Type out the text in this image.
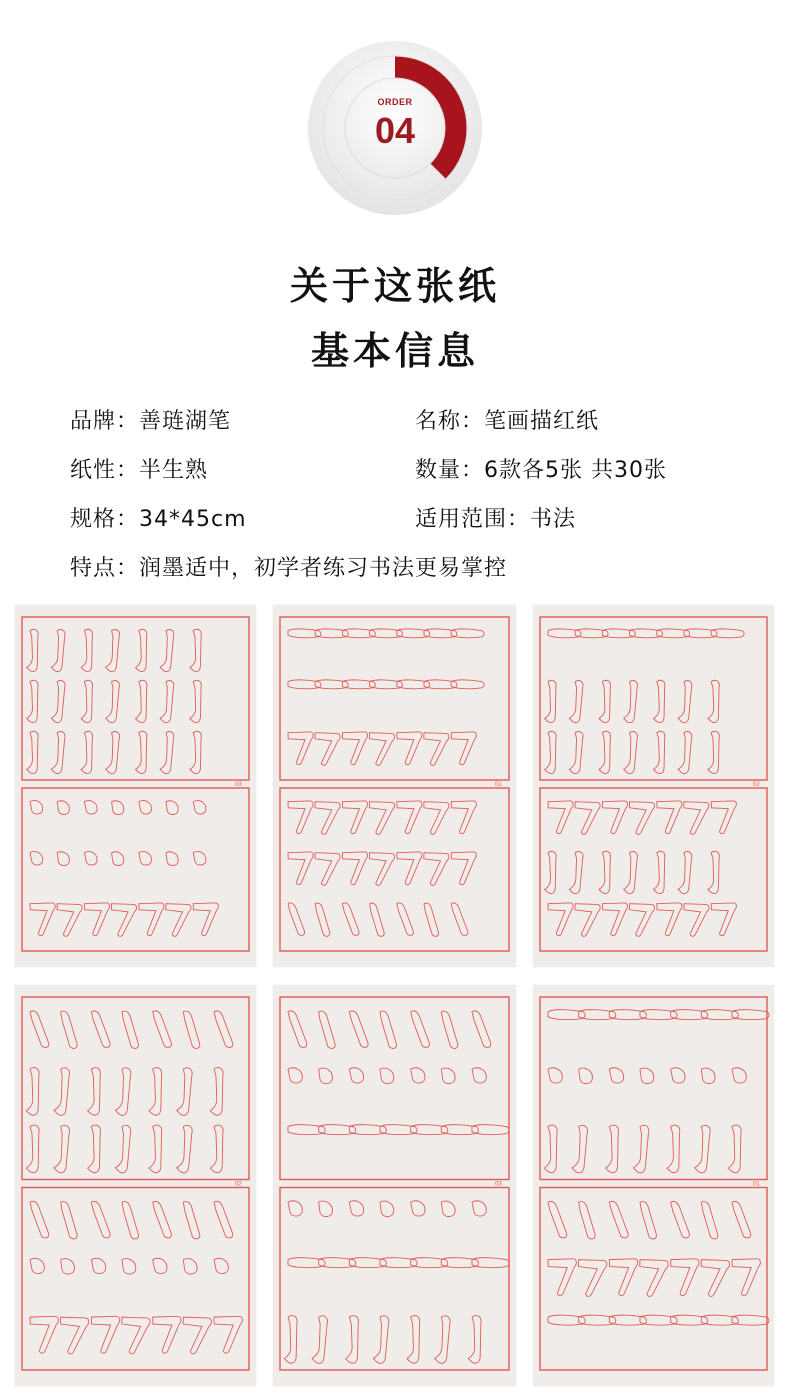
ORDER
04
关于这张纸
基本信息
品牌：善琏湖笔	名称：笔画描红纸
纸性：半生熟	数量：6款各5张 共30张
规格：34*45cm	适用范围：书法
特点：润墨适中，初学者练习书法更易掌控
03	01	02
02	03	01
